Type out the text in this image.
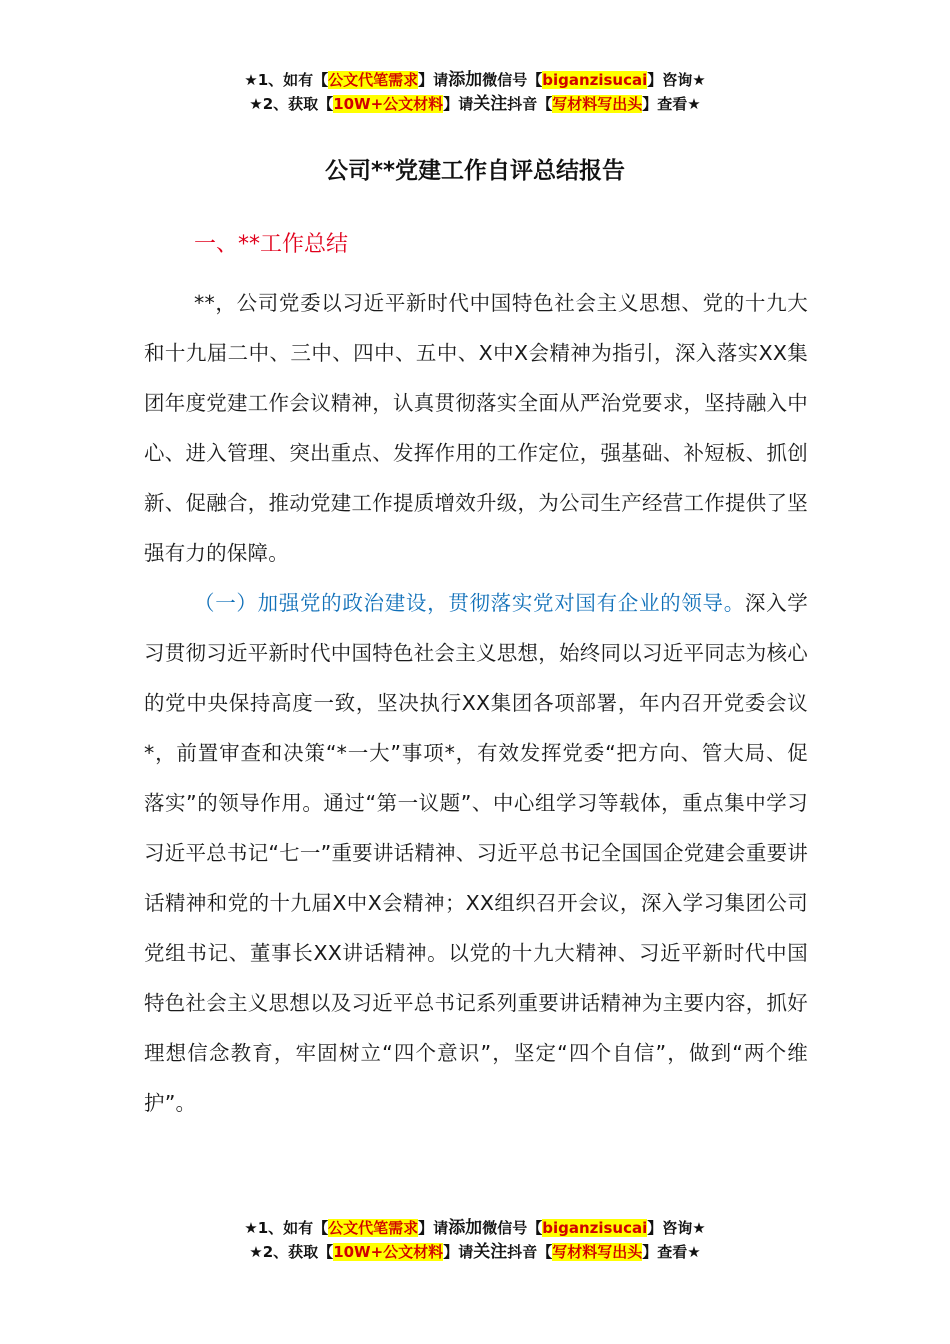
★1、如有【公文代笔需求】请添加微信号【biganzisucai】咨询★
★2、获取【10W+公文材料】请关注抖音【写材料写出头】查看★
公司**党建工作自评总结报告

一、**工作总结

**，公司党委以习近平新时代中国特色社会主义思想、党的十九大和十九届二中、三中、四中、五中、X中X会精神为指引，深入落实XX集团年度党建工作会议精神，认真贯彻落实全面从严治党要求，坚持融入中心、进入管理、突出重点、发挥作用的工作定位，强基础、补短板、抓创新、促融合，推动党建工作提质增效升级，为公司生产经营工作提供了坚强有力的保障。

（一）加强党的政治建设，贯彻落实党对国有企业的领导。深入学习贯彻习近平新时代中国特色社会主义思想，始终同以习近平同志为核心的党中央保持高度一致，坚决执行XX集团各项部署，年内召开党委会议*，前置审查和决策“*一大”事项*，有效发挥党委“把方向、管大局、促落实”的领导作用。通过“第一议题”、中心组学习等载体，重点集中学习习近平总书记“七一”重要讲话精神、习近平总书记全国国企党建会重要讲话精神和党的十九届X中X会精神；XX组织召开会议，深入学习集团公司党组书记、董事长XX讲话精神。以党的十九大精神、习近平新时代中国特色社会主义思想以及习近平总书记系列重要讲话精神为主要内容，抓好理想信念教育，牢固树立“四个意识”，坚定“四个自信”，做到“两个维护”。

★1、如有【公文代笔需求】请添加微信号【biganzisucai】咨询★
★2、获取【10W+公文材料】请关注抖音【写材料写出头】查看★
